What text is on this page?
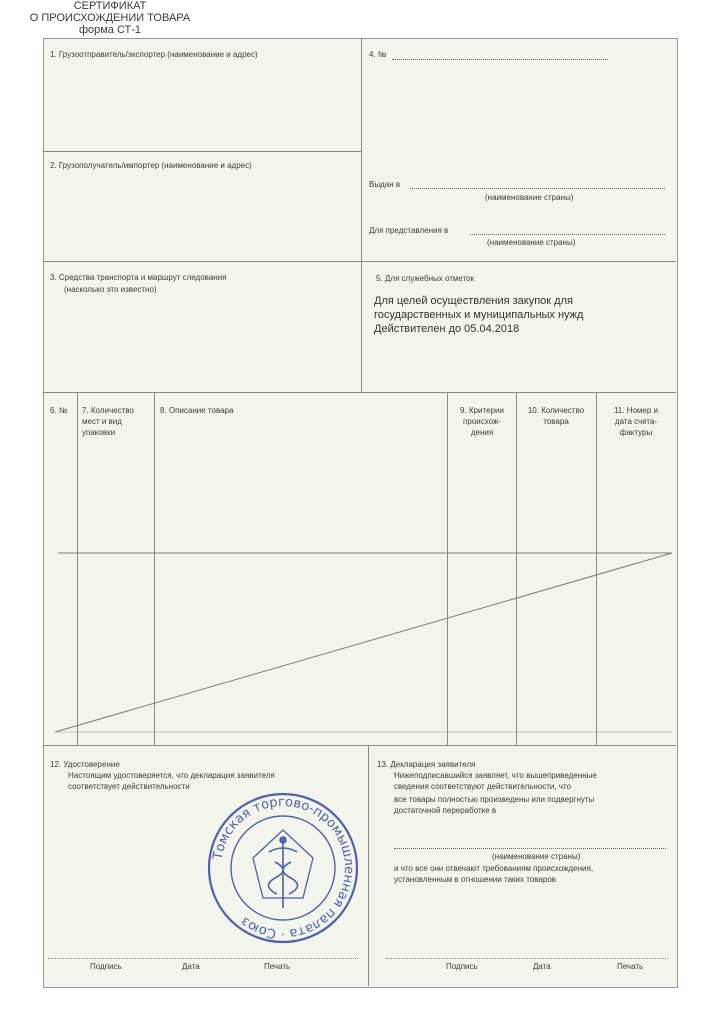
1. Грузоотправитель/экспортер (наименование и адрес)
2. Грузополучатель/импортер (наименование и адрес)
3. Средства транспорта и маршрут следования
(насколько это известно)
4. №
СЕРТИФИКАТ
О ПРОИСХОЖДЕНИИ ТОВАРА
форма СТ-1
Выдан в
(наименование страны)
Для представления в
(наименование страны)
5. Для служебных отметок
Для целей осуществления закупок для
государственных и муниципальных нужд
Действителен до 05.04.2018
6. № 7. Количество
мест и вид
упаковки
8. Описание товара	9. Критерии
происхож-
дения
10. Количество
товара
11. Номер и
дата счета-
фактуры
12. Удостоверение
Настоящим удостоверяется, что декларация заявителя
соответствует действительности
Томская торгово-промышленная палата · Союз
Подпись	Дата	Печать
13. Декларация заявителя
Нижеподписавшийся заявляет, что вышеприведенные
сведения соответствуют действительности, что
все товары полностью произведены или подвергнуты
достаточной переработке в
(наименование страны)
и что все они отвечают требованиям происхождения,
установленным в отношении таких товаров
Подпись	Дата	Печать
